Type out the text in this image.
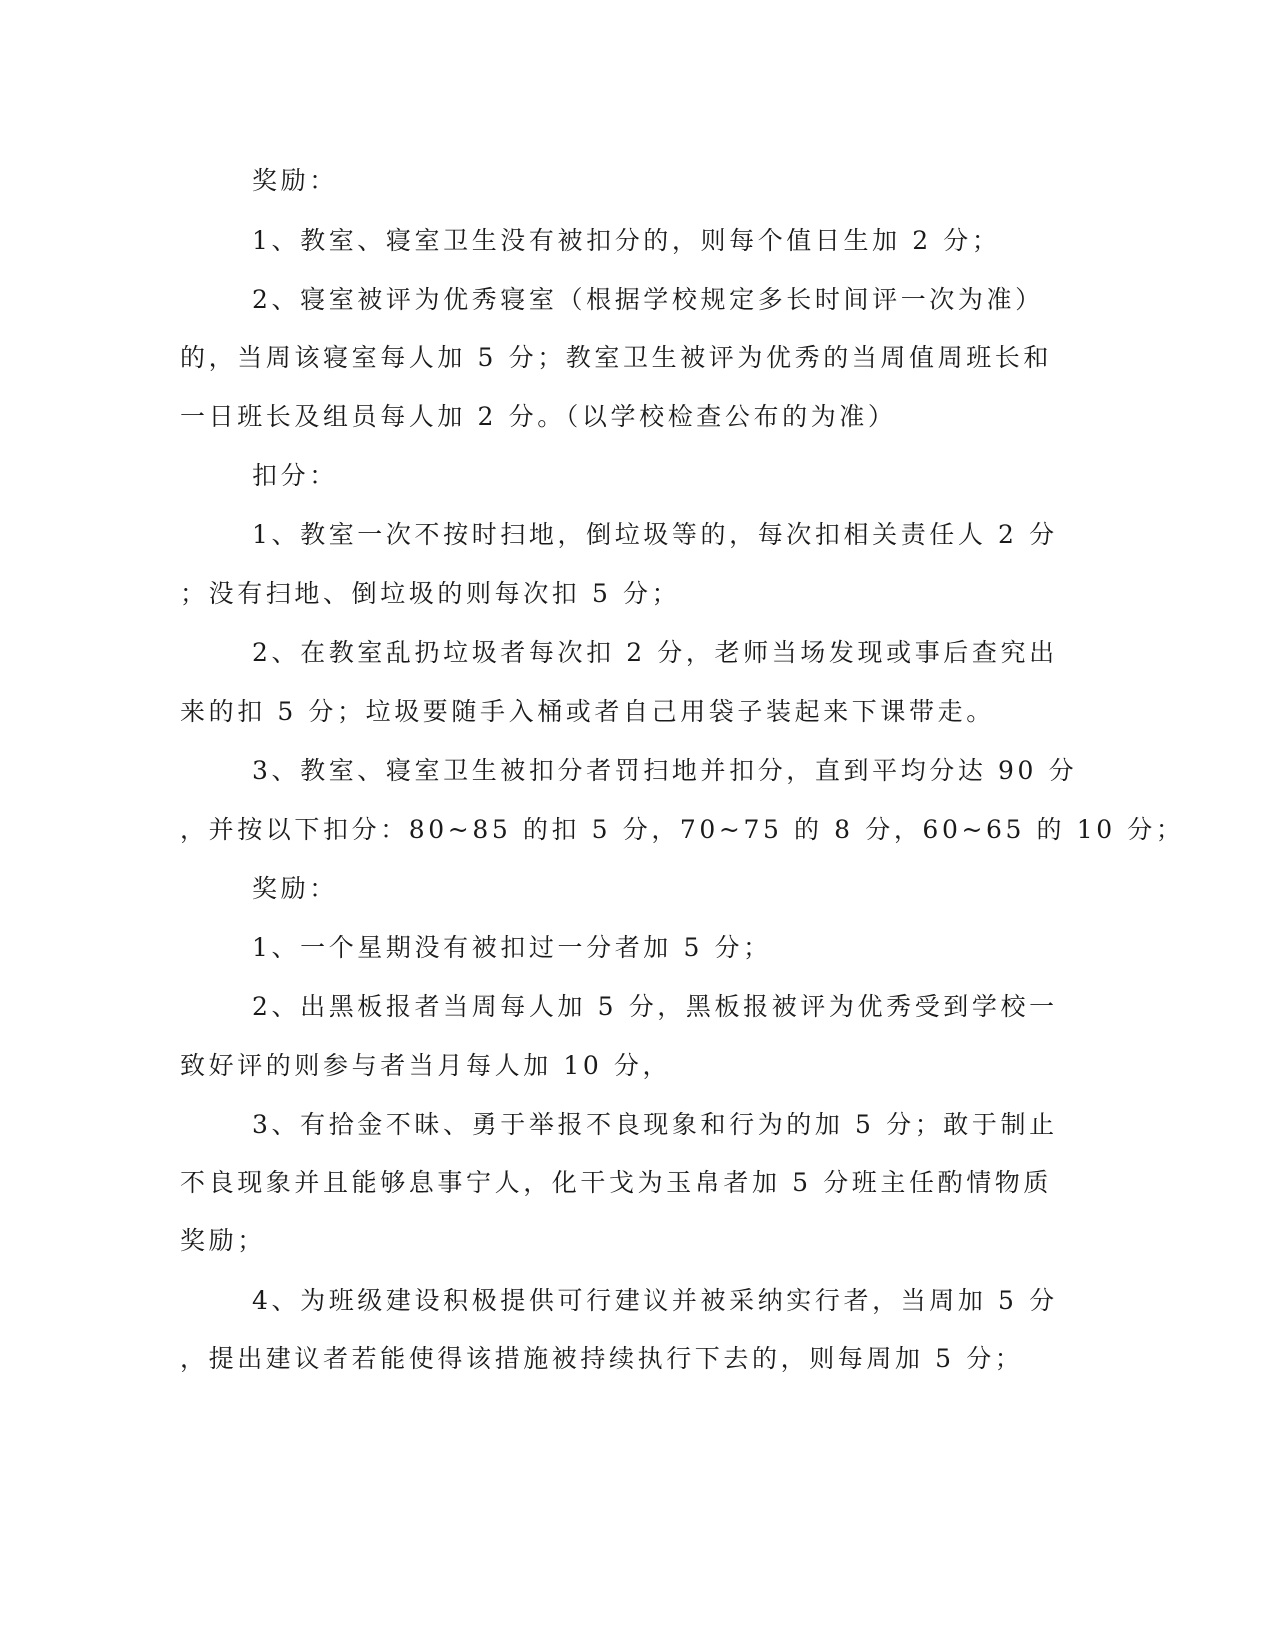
奖励：
1、教室、寝室卫生没有被扣分的，则每个值日生加 2 分；
2、寝室被评为优秀寝室（根据学校规定多长时间评一次为准）
的，当周该寝室每人加 5 分；教室卫生被评为优秀的当周值周班长和
一日班长及组员每人加 2 分。（以学校检查公布的为准）
扣分：
1、教室一次不按时扫地，倒垃圾等的，每次扣相关责任人 2 分
；没有扫地、倒垃圾的则每次扣 5 分；
2、在教室乱扔垃圾者每次扣 2 分，老师当场发现或事后查究出
来的扣 5 分；垃圾要随手入桶或者自己用袋子装起来下课带走。
3、教室、寝室卫生被扣分者罚扫地并扣分，直到平均分达 90 分
，并按以下扣分：80~85 的扣 5 分，70~75 的 8 分，60~65 的 10 分；
奖励：
1、一个星期没有被扣过一分者加 5 分；
2、出黑板报者当周每人加 5 分，黑板报被评为优秀受到学校一
致好评的则参与者当月每人加 10 分，
3、有拾金不昧、勇于举报不良现象和行为的加 5 分；敢于制止
不良现象并且能够息事宁人，化干戈为玉帛者加 5 分班主任酌情物质
奖励；
4、为班级建设积极提供可行建议并被采纳实行者，当周加 5 分
，提出建议者若能使得该措施被持续执行下去的，则每周加 5 分；
